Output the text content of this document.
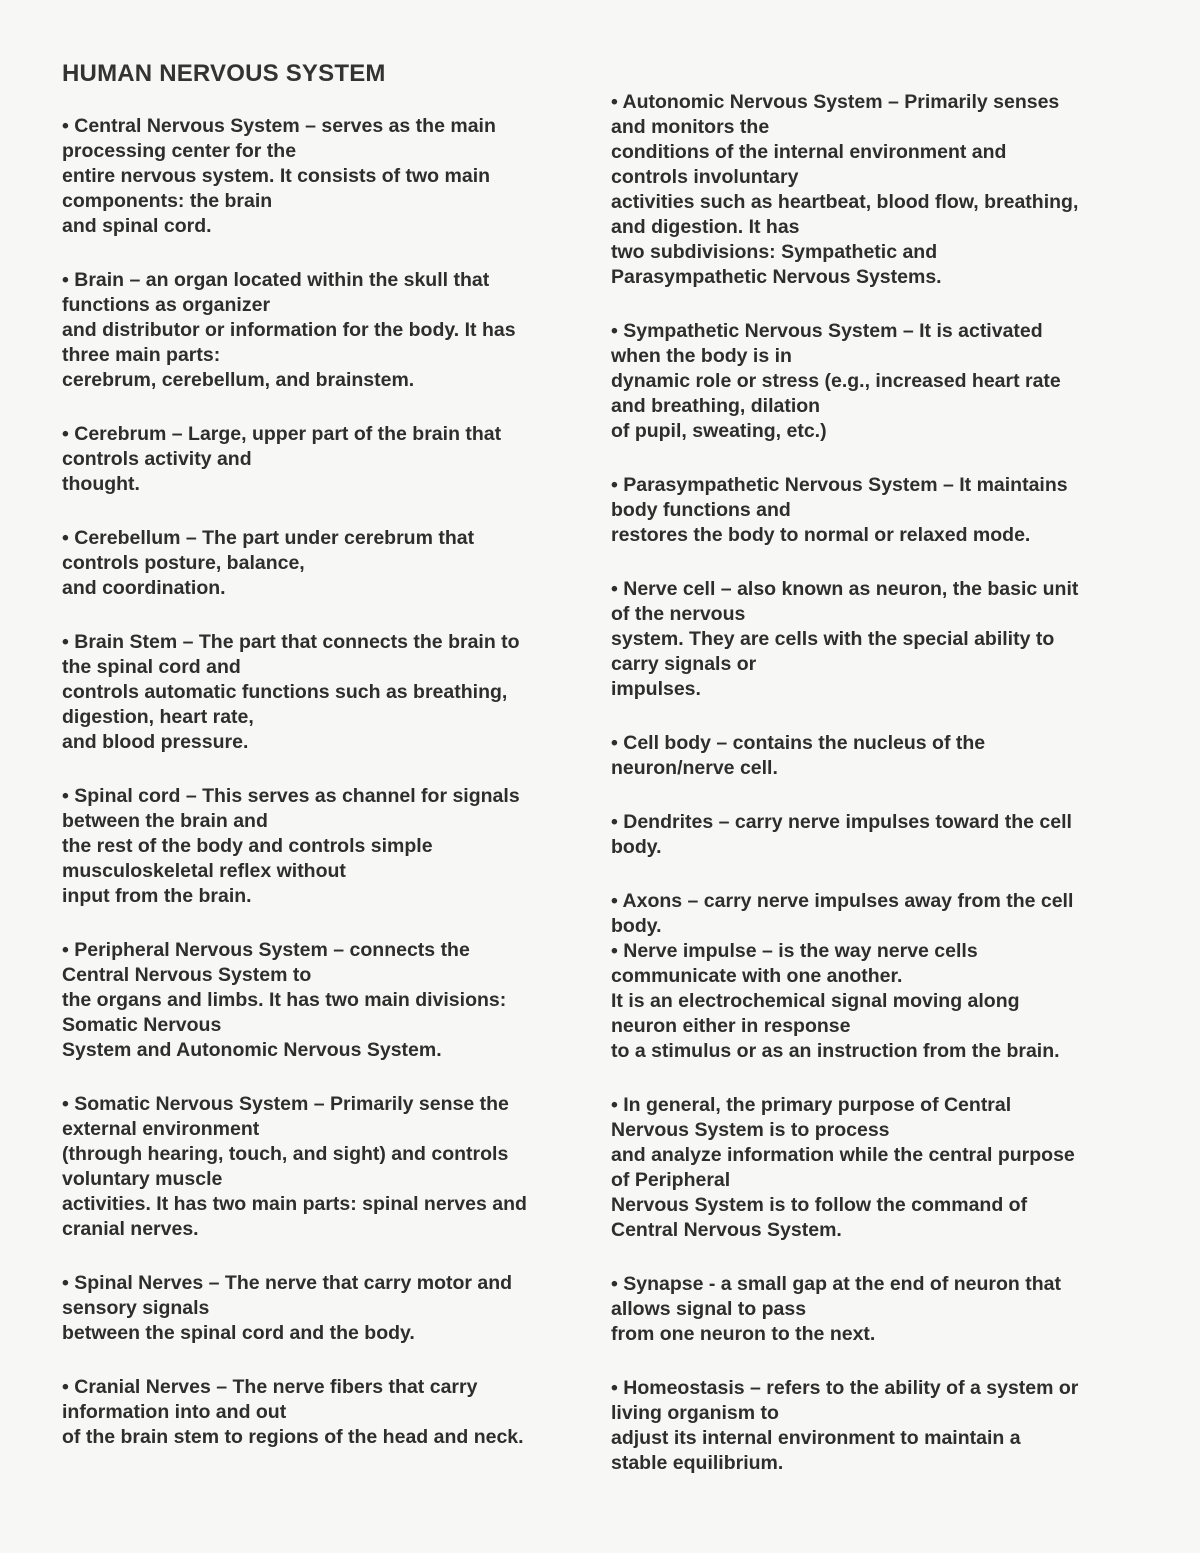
HUMAN NERVOUS SYSTEM
• Central Nervous System – serves as the main
processing center for the
entire nervous system. It consists of two main
components: the brain
and spinal cord.
• Brain – an organ located within the skull that
functions as organizer
and distributor or information for the body. It has
three main parts:
cerebrum, cerebellum, and brainstem.
• Cerebrum – Large, upper part of the brain that
controls activity and
thought.
• Cerebellum – The part under cerebrum that
controls posture, balance,
and coordination.
• Brain Stem – The part that connects the brain to
the spinal cord and
controls automatic functions such as breathing,
digestion, heart rate,
and blood pressure.
• Spinal cord – This serves as channel for signals
between the brain and
the rest of the body and controls simple
musculoskeletal reflex without
input from the brain.
• Peripheral Nervous System – connects the
Central Nervous System to
the organs and limbs. It has two main divisions:
Somatic Nervous
System and Autonomic Nervous System.
• Somatic Nervous System – Primarily sense the
external environment
(through hearing, touch, and sight) and controls
voluntary muscle
activities. It has two main parts: spinal nerves and
cranial nerves.
• Spinal Nerves – The nerve that carry motor and
sensory signals
between the spinal cord and the body.
• Cranial Nerves – The nerve fibers that carry
information into and out
of the brain stem to regions of the head and neck.
• Autonomic Nervous System – Primarily senses
and monitors the
conditions of the internal environment and
controls involuntary
activities such as heartbeat, blood flow, breathing,
and digestion. It has
two subdivisions: Sympathetic and
Parasympathetic Nervous Systems.
• Sympathetic Nervous System – It is activated
when the body is in
dynamic role or stress (e.g., increased heart rate
and breathing, dilation
of pupil, sweating, etc.)
• Parasympathetic Nervous System – It maintains
body functions and
restores the body to normal or relaxed mode.
• Nerve cell – also known as neuron, the basic unit
of the nervous
system. They are cells with the special ability to
carry signals or
impulses.
• Cell body – contains the nucleus of the
neuron/nerve cell.
• Dendrites – carry nerve impulses toward the cell
body.
• Axons – carry nerve impulses away from the cell
body.
• Nerve impulse – is the way nerve cells
communicate with one another.
It is an electrochemical signal moving along
neuron either in response
to a stimulus or as an instruction from the brain.
• In general, the primary purpose of Central
Nervous System is to process
and analyze information while the central purpose
of Peripheral
Nervous System is to follow the command of
Central Nervous System.
• Synapse - a small gap at the end of neuron that
allows signal to pass
from one neuron to the next.
• Homeostasis – refers to the ability of a system or
living organism to
adjust its internal environment to maintain a
stable equilibrium.
